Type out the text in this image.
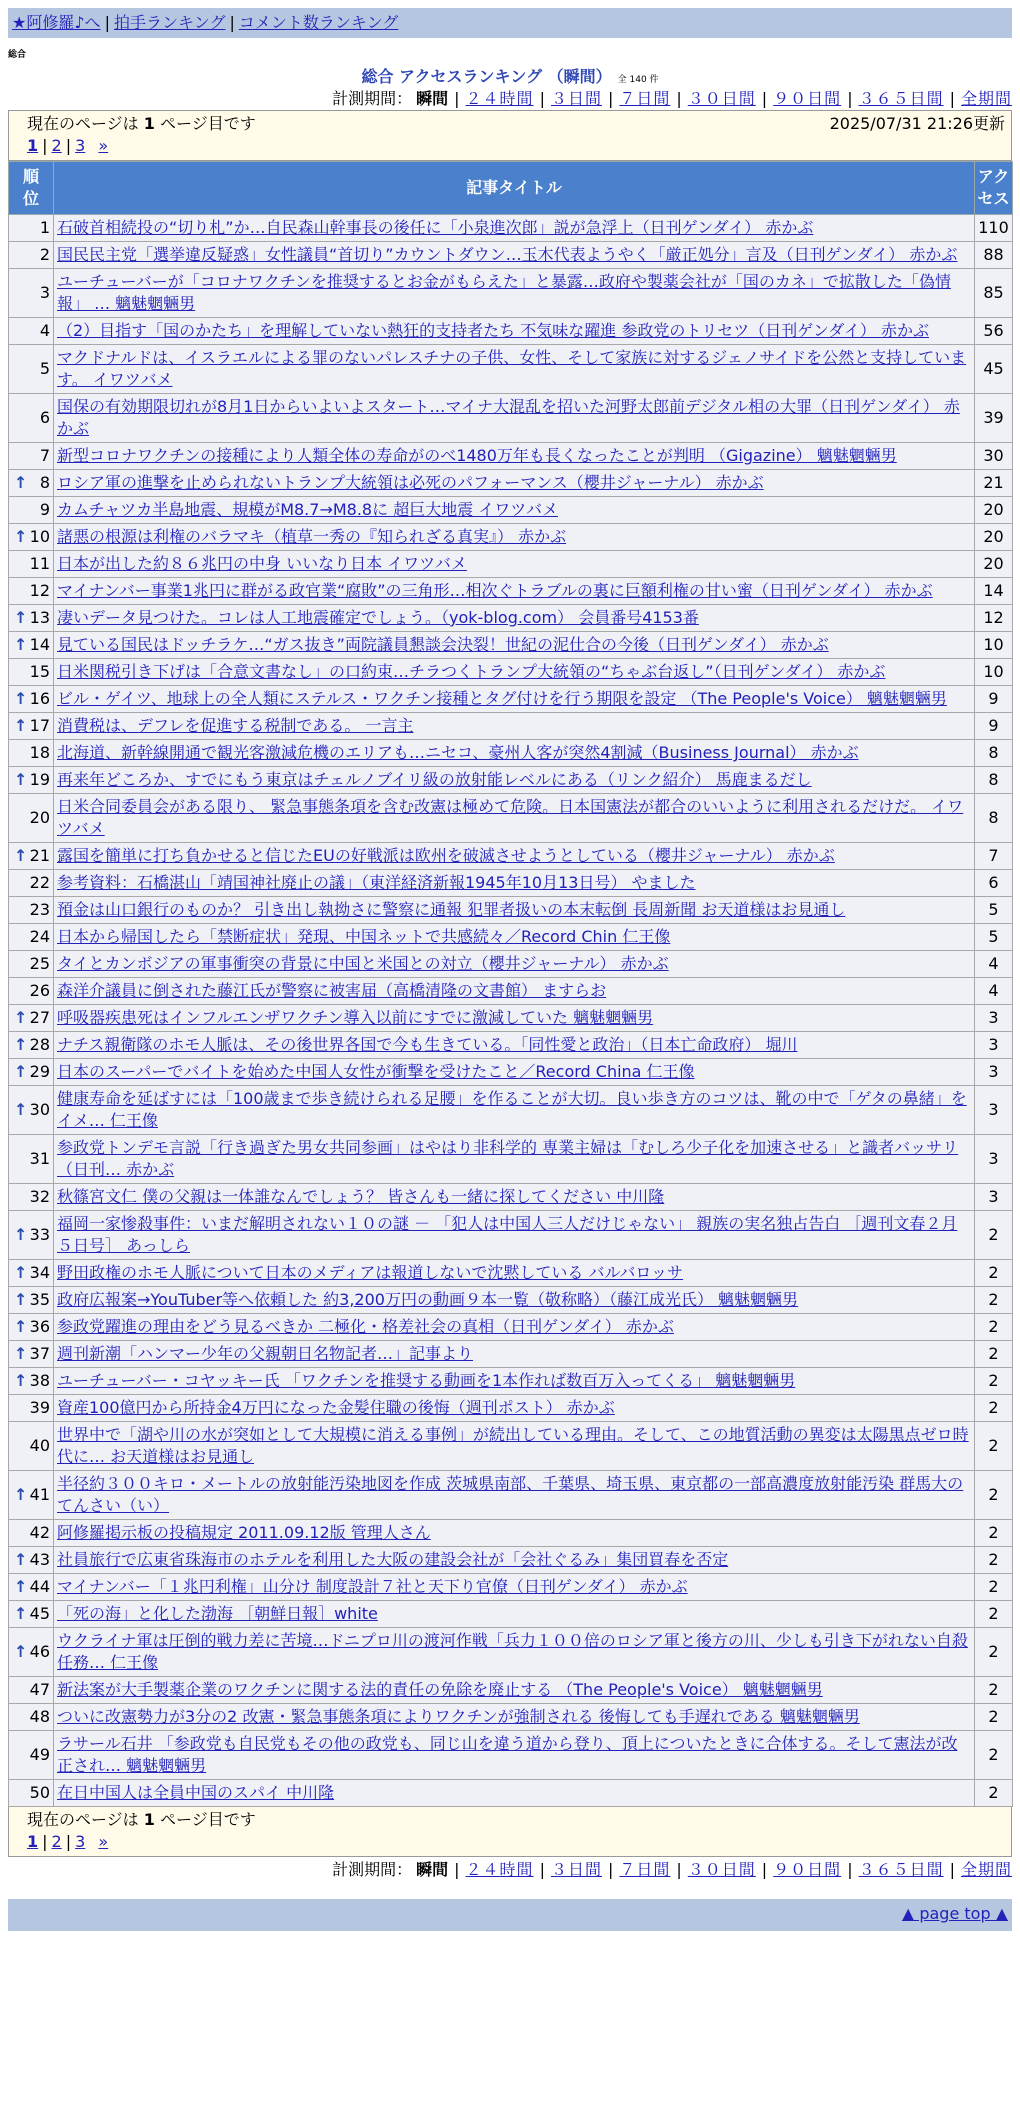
★阿修羅♪へ | 拍手ランキング | コメント数ランキング
総合
総合 アクセスランキング （瞬間） 全 140 件
計測期間： 瞬間 | ２４時間 | ３日間 | ７日間 | ３０日間 | ９０日間 | ３６５日間 | 全期間
現在のページは 1 ページ目です	2025/07/31 21:26更新
1 | 2 | 3 »
順位	記事タイトル	アクセス
1	石破首相続投の“切り札”か…自民森山幹事長の後任に「小泉進次郎」説が急浮上（日刊ゲンダイ） 赤かぶ	110
2	国民民主党「選挙違反疑惑」女性議員“首切り”カウントダウン…玉木代表ようやく「厳正処分」言及（日刊ゲンダイ） 赤かぶ	88
3	ユーチューバーが「コロナワクチンを推奨するとお金がもらえた」と暴露…政府や製薬会社が「国のカネ」で拡散した「偽情報」 … 魑魅魍魎男	85
4	（2）目指す「国のかたち」を理解していない熱狂的支持者たち 不気味な躍進 参政党のトリセツ（日刊ゲンダイ） 赤かぶ	56
5	マクドナルドは、イスラエルによる罪のないパレスチナの子供、女性、そして家族に対するジェノサイドを公然と支持しています。 イワツバメ	45
6	国保の有効期限切れが8月1日からいよいよスタート…マイナ大混乱を招いた河野太郎前デジタル相の大罪（日刊ゲンダイ） 赤かぶ	39
7	新型コロナワクチンの接種により人類全体の寿命がのべ1480万年も長くなったことが判明 （Gigazine） 魑魅魍魎男	30

↑ 8	ロシア軍の進撃を止められないトランプ大統領は必死のパフォーマンス（櫻井ジャーナル） 赤かぶ	21
9	カムチャツカ半島地震、規模がM8.7→M8.8に 超巨大地震 イワツバメ	20

↑ 10	諸悪の根源は利権のバラマキ（植草一秀の『知られざる真実』） 赤かぶ	20
11	日本が出した約８６兆円の中身 いいなり日本 イワツバメ	20
12	マイナンバー事業1兆円に群がる政官業“腐敗”の三角形…相次ぐトラブルの裏に巨額利権の甘い蜜（日刊ゲンダイ） 赤かぶ	14

↑ 13	凄いデータ見つけた。コレは人工地震確定でしょう。（yok-blog.com） 会員番号4153番	12

↑ 14	見ている国民はドッチラケ…“ガス抜き”両院議員懇談会決裂！世紀の泥仕合の今後（日刊ゲンダイ） 赤かぶ	10
15	日米関税引き下げは「合意文書なし」の口約束…チラつくトランプ大統領の“ちゃぶ台返し”（日刊ゲンダイ） 赤かぶ	10

↑ 16	ビル・ゲイツ、地球上の全人類にステルス・ワクチン接種とタグ付けを行う期限を設定 （The People's Voice） 魑魅魍魎男	9

↑ 17	消費税は、デフレを促進する税制である。 一言主	9
18	北海道、新幹線開通で観光客激減危機のエリアも…ニセコ、豪州人客が突然4割減（Business Journal） 赤かぶ	8

↑ 19	再来年どころか、すでにもう東京はチェルノブイリ級の放射能レベルにある（リンク紹介） 馬鹿まるだし	8
20	日米合同委員会がある限り、 緊急事態条項を含む改憲は極めて危険。日本国憲法が都合のいいように利用されるだけだ。 イワツバメ	8

↑ 21	露国を簡単に打ち負かせると信じたEUの好戦派は欧州を破滅させようとしている（櫻井ジャーナル） 赤かぶ	7
22	参考資料：石橋湛山「靖国神社廃止の議」（東洋経済新報1945年10月13日号） やました	6
23	預金は山口銀行のものか？ 引き出し執拗さに警察に通報 犯罪者扱いの本末転倒 長周新聞 お天道様はお見通し	5
24	日本から帰国したら「禁断症状」発現、中国ネットで共感続々／Record Chin 仁王像	5
25	タイとカンボジアの軍事衝突の背景に中国と米国との対立（櫻井ジャーナル） 赤かぶ	4
26	森洋介議員に倒された藤江氏が警察に被害届（高橋清隆の文書館） ますらお	4

↑ 27	呼吸器疾患死はインフルエンザワクチン導入以前にすでに激減していた 魑魅魍魎男	3

↑ 28	ナチス親衛隊のホモ人脈は、その後世界各国で今も生きている。「同性愛と政治」（日本亡命政府） 堀川	3

↑ 29	日本のスーパーでバイトを始めた中国人女性が衝撃を受けたこと／Record China 仁王像	3

↑ 30	健康寿命を延ばすには「100歳まで歩き続けられる足腰」を作ることが大切。良い歩き方のコツは、靴の中で「ゲタの鼻緒」をイメ… 仁王像	3
31	参政党トンデモ言説「行き過ぎた男女共同参画」はやはり非科学的 専業主婦は「むしろ少子化を加速させる」と識者バッサリ（日刊… 赤かぶ	3
32	秋篠宮文仁 僕の父親は一体誰なんでしょう？ 皆さんも一緒に探してください 中川隆	3

↑ 33	福岡一家惨殺事件：いまだ解明されない１０の謎 － 「犯人は中国人三人だけじゃない」 親族の実名独占告白 ［週刊文春２月５日号］ あっしら	2

↑ 34	野田政権のホモ人脈について日本のメディアは報道しないで沈黙している バルバロッサ	2

↑ 35	政府広報案→YouTuber等へ依頼した 約3,200万円の動画９本一覧（敬称略）（藤江成光氏） 魑魅魍魎男	2

↑ 36	参政党躍進の理由をどう見るべきか 二極化・格差社会の真相（日刊ゲンダイ） 赤かぶ	2

↑ 37	週刊新潮「ハンマー少年の父親朝日名物記者…」記事より	2

↑ 38	ユーチューバー・コヤッキー氏 「ワクチンを推奨する動画を1本作れば数百万入ってくる」 魑魅魍魎男	2
39	資産100億円から所持金4万円になった金髪住職の後悔（週刊ポスト） 赤かぶ	2
40	世界中で「湖や川の水が突如として大規模に消える事例」が続出している理由。そして、この地質活動の異変は太陽黒点ゼロ時代に… お天道様はお見通し	2

↑ 41	半径約３００キロ・メートルの放射能汚染地図を作成 茨城県南部、千葉県、埼玉県、東京都の一部高濃度放射能汚染 群馬大のてんさい（い）	2
42	阿修羅掲示板の投稿規定 2011.09.12版 管理人さん	2

↑ 43	社員旅行で広東省珠海市のホテルを利用した大阪の建設会社が「会社ぐるみ」集団買春を否定	2

↑ 44	マイナンバー「１兆円利権」山分け 制度設計７社と天下り官僚（日刊ゲンダイ） 赤かぶ	2

↑ 45	「死の海」と化した渤海 ［朝鮮日報］white	2

↑ 46	ウクライナ軍は圧倒的戦力差に苦境…ドニプロ川の渡河作戦「兵力１００倍のロシア軍と後方の川、少しも引き下がれない自殺任務… 仁王像	2
47	新法案が大手製薬企業のワクチンに関する法的責任の免除を廃止する （The People's Voice） 魑魅魍魎男	2
48	ついに改憲勢力が3分の2 改憲・緊急事態条項によりワクチンが強制される 後悔しても手遅れである 魑魅魍魎男	2
49	ラサール石井 「参政党も自民党もその他の政党も、同じ山を違う道から登り、頂上についたときに合体する。そして憲法が改正され… 魑魅魍魎男	2
50	在日中国人は全員中国のスパイ 中川隆	2
現在のページは 1 ページ目です
1 | 2 | 3 »
計測期間： 瞬間 | ２４時間 | ３日間 | ７日間 | ３０日間 | ９０日間 | ３６５日間 | 全期間
▲ page top ▲
